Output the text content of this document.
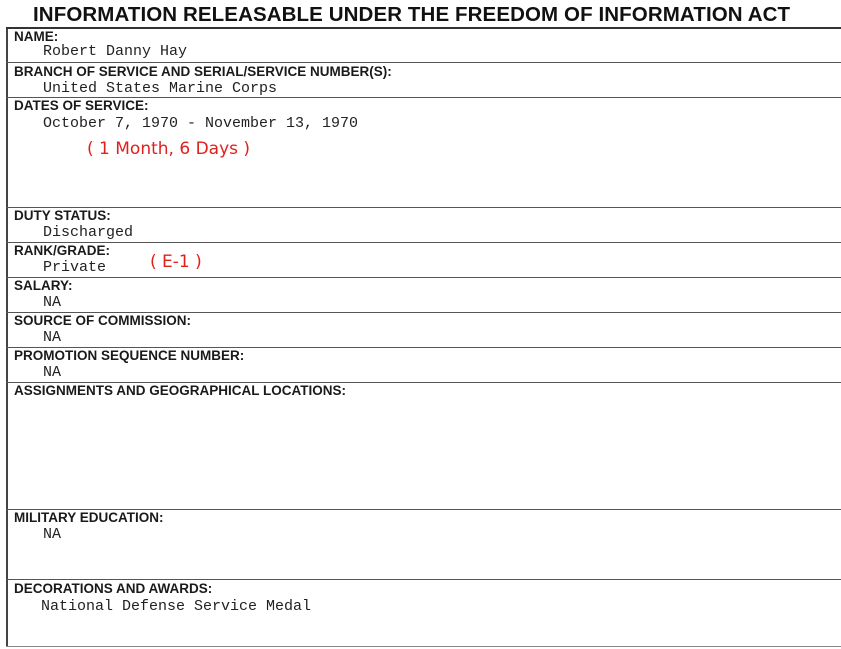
INFORMATION RELEASABLE UNDER THE FREEDOM OF INFORMATION ACT
NAME:
Robert Danny Hay
BRANCH OF SERVICE AND SERIAL/SERVICE NUMBER(S):
United States Marine Corps
DATES OF SERVICE:
October 7, 1970 - November 13, 1970
( 1 Month, 6 Days )
DUTY STATUS:
Discharged
RANK/GRADE:
Private	( E-1 )
SALARY:
NA
SOURCE OF COMMISSION:
NA
PROMOTION SEQUENCE NUMBER:
NA
ASSIGNMENTS AND GEOGRAPHICAL LOCATIONS:
MILITARY EDUCATION:
NA
DECORATIONS AND AWARDS:
National Defense Service Medal
